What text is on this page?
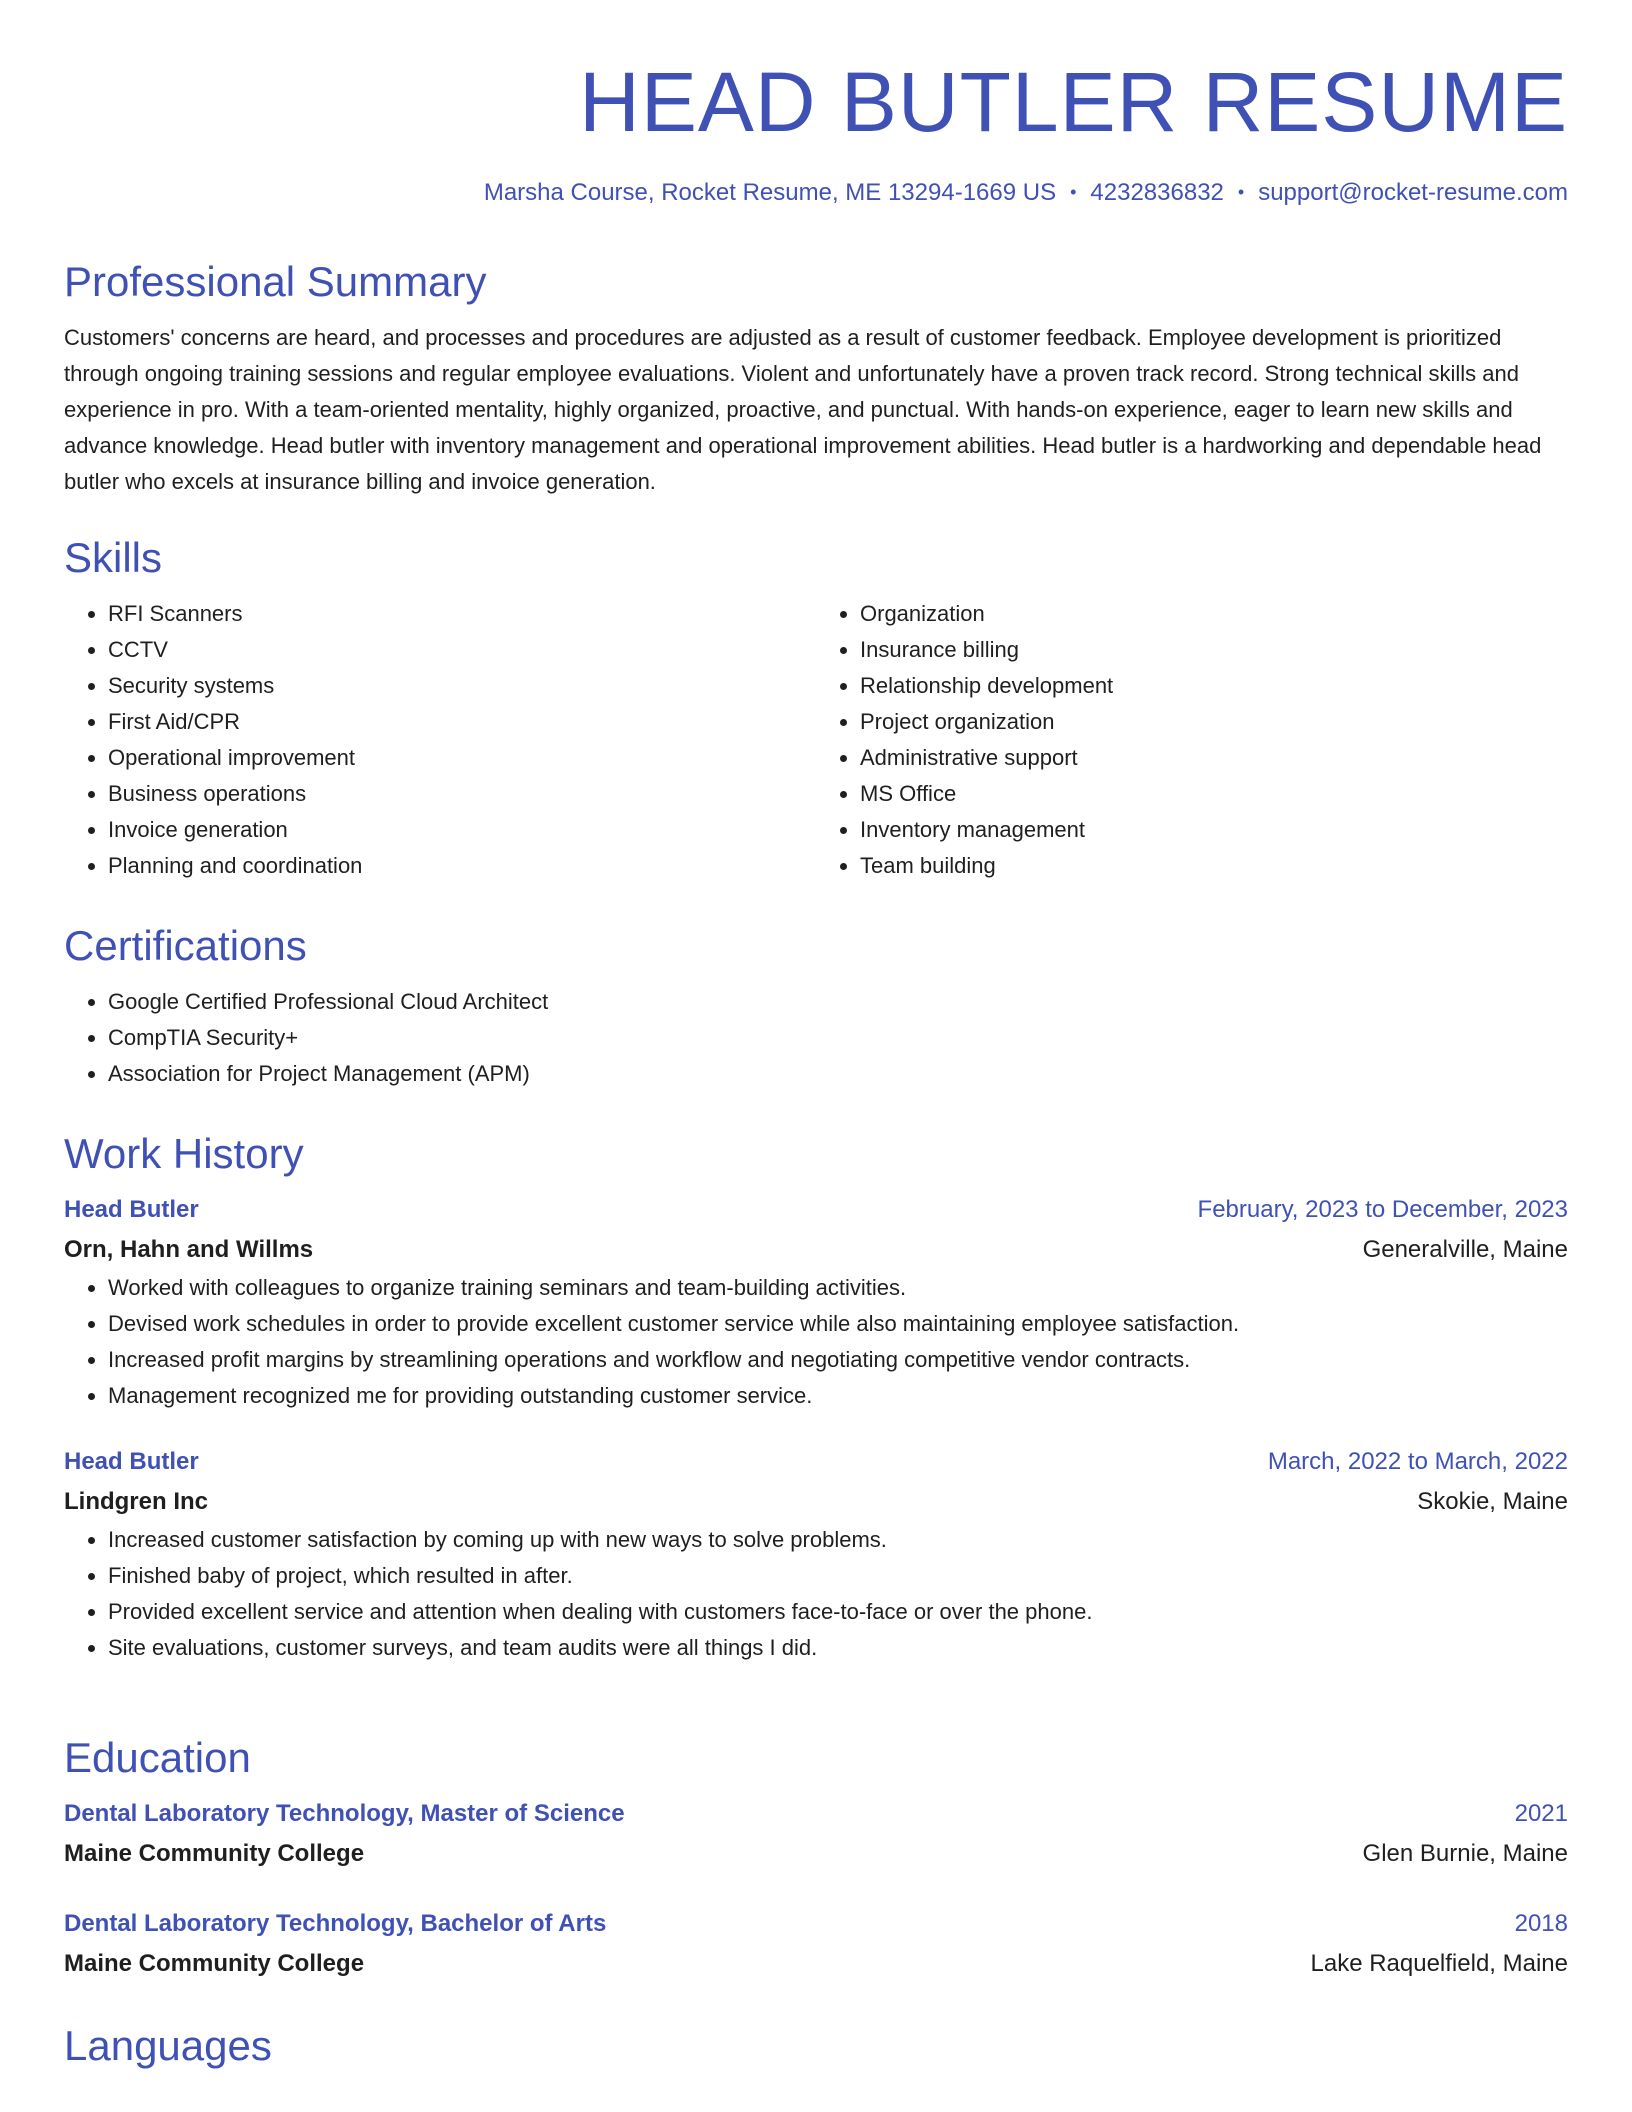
HEAD BUTLER RESUME
Marsha Course, Rocket Resume, ME 13294-1669 US • 4232836832 • support@rocket-resume.com
Professional Summary

Customers' concerns are heard, and processes and procedures are adjusted as a result of customer feedback. Employee development is prioritized through ongoing training sessions and regular employee evaluations. Violent and unfortunately have a proven track record. Strong technical skills and experience in pro. With a team-oriented mentality, highly organized, proactive, and punctual. With hands-on experience, eager to learn new skills and advance knowledge. Head butler with inventory management and operational improvement abilities. Head butler is a hardworking and dependable head butler who excels at insurance billing and invoice generation.

Skills
• RFI Scanners
• CCTV
• Security systems
• First Aid/CPR
• Operational improvement
• Business operations
• Invoice generation
• Planning and coordination
• Organization
• Insurance billing
• Relationship development
• Project organization
• Administrative support
• MS Office
• Inventory management
• Team building
Certifications
• Google Certified Professional Cloud Architect
• CompTIA Security+
• Association for Project Management (APM)
Work History
Head Butler	February, 2023 to December, 2023
Orn, Hahn and Willms	Generalville, Maine
• Worked with colleagues to organize training seminars and team-building activities.
• Devised work schedules in order to provide excellent customer service while also maintaining employee satisfaction.
• Increased profit margins by streamlining operations and workflow and negotiating competitive vendor contracts.
• Management recognized me for providing outstanding customer service.
Head Butler	March, 2022 to March, 2022
Lindgren Inc	Skokie, Maine
• Increased customer satisfaction by coming up with new ways to solve problems.
• Finished baby of project, which resulted in after.
• Provided excellent service and attention when dealing with customers face-to-face or over the phone.
• Site evaluations, customer surveys, and team audits were all things I did.
Education
Dental Laboratory Technology, Master of Science	2021
Maine Community College	Glen Burnie, Maine
Dental Laboratory Technology, Bachelor of Arts	2018
Maine Community College	Lake Raquelfield, Maine
Languages
